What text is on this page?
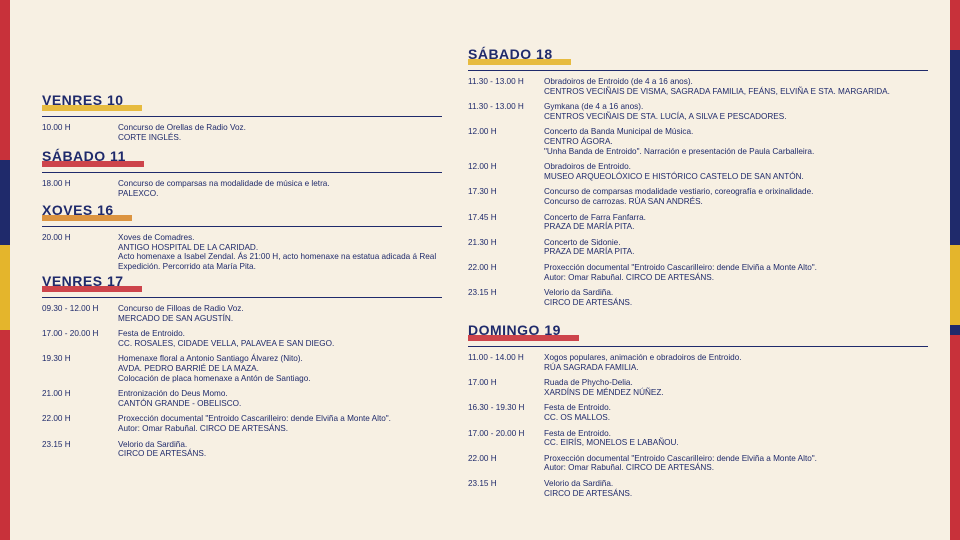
VENRES 10
10.00 H	Concurso de Orellas de Radio Voz.
CORTE INGLÉS.
SÁBADO 11
18.00 H	Concurso de comparsas na modalidade de música e letra.
PALEXCO.
XOVES 16
20.00 H	Xoves de Comadres.
ANTIGO HOSPITAL DE LA CARIDAD.
Acto homenaxe a Isabel Zendal. Ás 21:00 H, acto homenaxe na estatua adicada á Real Expedición. Percorrido ata María Pita.
VENRES 17
09.30 - 12.00 H	Concurso de Filloas de Radio Voz.
MERCADO DE SAN AGUSTÍN.
17.00 - 20.00 H	Festa de Entroido.
CC. ROSALES, CIDADE VELLA, PALAVEA E SAN DIEGO.
19.30 H	Homenaxe floral a Antonio Santiago Álvarez (Nito).
AVDA. PEDRO BARRIÉ DE LA MAZA.
Colocación de placa homenaxe a Antón de Santiago.
21.00 H	Entronización do Deus Momo.
CANTÓN GRANDE - OBELISCO.
22.00 H	Proxección documental "Entroido Cascarilleiro: dende Elviña a Monte Alto".
Autor: Omar Rabuñal. CIRCO DE ARTESÁNS.
23.15 H	Velorio da Sardiña.
CIRCO DE ARTESÁNS.
SÁBADO 18
11.30 - 13.00 H	Obradoiros de Entroido (de 4 a 16 anos).
CENTROS VECIÑAIS DE VISMA, SAGRADA FAMILIA, FEÁNS, ELVIÑA E STA. MARGARIDA.
11.30 - 13.00 H	Gymkana (de 4 a 16 anos).
CENTROS VECIÑAIS DE STA. LUCÍA, A SILVA E PESCADORES.
12.00 H	Concerto da Banda Municipal de Música.
CENTRO ÁGORA.
"Unha Banda de Entroido". Narración e presentación de Paula Carballeira.
12.00 H	Obradoiros de Entroido.
MUSEO ARQUEOLÓXICO E HISTÓRICO CASTELO DE SAN ANTÓN.
17.30 H	Concurso de comparsas modalidade vestiario, coreografía e orixinalidade.
Concurso de carrozas. RÚA SAN ANDRÉS.
17.45 H	Concerto de Farra Fanfarra.
PRAZA DE MARÍA PITA.
21.30 H	Concerto de Sidonie.
PRAZA DE MARÍA PITA.
22.00 H	Proxección documental "Entroido Cascarilleiro: dende Elviña a Monte Alto".
Autor: Omar Rabuñal. CIRCO DE ARTESÁNS.
23.15 H	Velorio da Sardiña.
CIRCO DE ARTESÁNS.
DOMINGO 19
11.00 - 14.00 H	Xogos populares, animación e obradoiros de Entroido.
RÚA SAGRADA FAMILIA.
17.00 H	Ruada de Phycho-Delia.
XARDÍNS DE MÉNDEZ NÚÑEZ.
16.30 - 19.30 H	Festa de Entroido.
CC. OS MALLOS.
17.00 - 20.00 H	Festa de Entroido.
CC. EIRÍS, MONELOS E LABAÑOU.
22.00 H	Proxección documental "Entroido Cascarilleiro: dende Elviña a Monte Alto".
Autor: Omar Rabuñal. CIRCO DE ARTESÁNS.
23.15 H	Velorio da Sardiña.
CIRCO DE ARTESÁNS.
